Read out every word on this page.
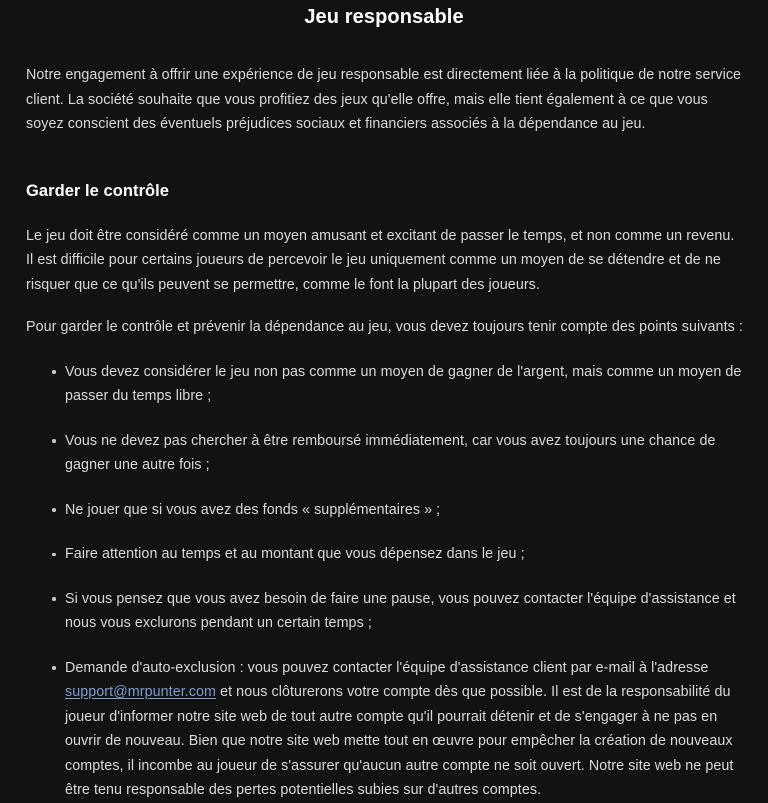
Jeu responsable

Notre engagement à offrir une expérience de jeu responsable est directement liée à la politique de notre service client. La société souhaite que vous profitiez des jeux qu'elle offre, mais elle tient également à ce que vous soyez conscient des éventuels préjudices sociaux et financiers associés à la dépendance au jeu.

Garder le contrôle

Le jeu doit être considéré comme un moyen amusant et excitant de passer le temps, et non comme un revenu. Il est difficile pour certains joueurs de percevoir le jeu uniquement comme un moyen de se détendre et de ne risquer que ce qu'ils peuvent se permettre, comme le font la plupart des joueurs.

Pour garder le contrôle et prévenir la dépendance au jeu, vous devez toujours tenir compte des points suivants :

Vous devez considérer le jeu non pas comme un moyen de gagner de l'argent, mais comme un moyen de passer du temps libre ;
Vous ne devez pas chercher à être remboursé immédiatement, car vous avez toujours une chance de gagner une autre fois ;
Ne jouer que si vous avez des fonds « supplémentaires » ;
Faire attention au temps et au montant que vous dépensez dans le jeu ;
Si vous pensez que vous avez besoin de faire une pause, vous pouvez contacter l'équipe d'assistance et nous vous exclurons pendant un certain temps ;
Demande d'auto-exclusion : vous pouvez contacter l'équipe d'assistance client par e-mail à l'adresse support@mrpunter.com et nous clôturerons votre compte dès que possible. Il est de la responsabilité du joueur d'informer notre site web de tout autre compte qu'il pourrait détenir et de s'engager à ne pas en ouvrir de nouveau. Bien que notre site web mette tout en œuvre pour empêcher la création de nouveaux comptes, il incombe au joueur de s'assurer qu'aucun autre compte ne soit ouvert. Notre site web ne peut être tenu responsable des pertes potentielles subies sur d'autres comptes.
